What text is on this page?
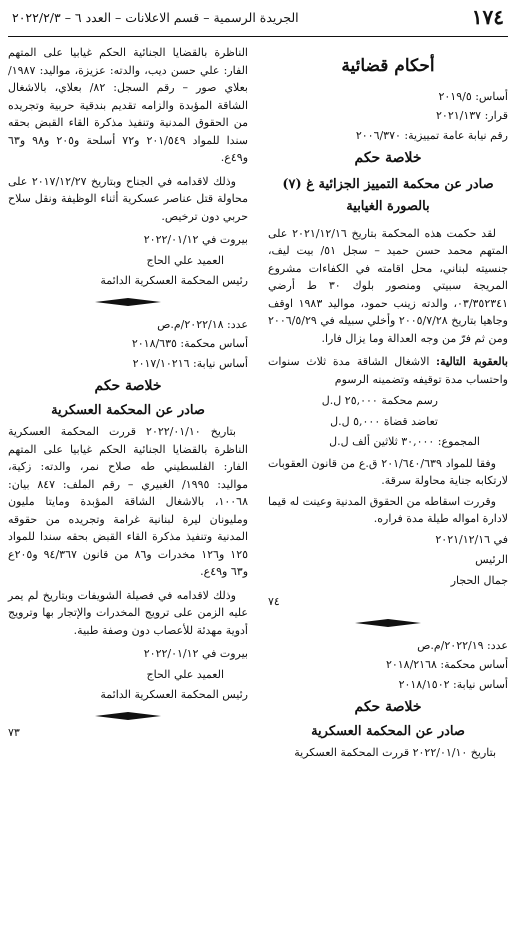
١٧٤
الجريدة الرسمية – قسم الاعلانات – العدد ٦ – ٢٠٢٢/٢/٣
أحكام قضائية

أساس: ٢٠١٩/٥

قرار: ٢٠٢١/١٣٧

رقم نيابة عامة تمييزية: ٢٠٠٦/٣٧٠

خلاصة حكم
صادر عن محكمة التمييز الجزائية غ (٧) بالصورة الغيابية

لقد حكمت هذه المحكمة بتاريخ ٢٠٢١/١٢/١٦ على المتهم محمد حسن حميد – سجل ٥١/ بيت ليف، جنسيته لبناني، محل اقامته في الكفاءات مشروع المريجة سبيتي ومنصور بلوك ٣٠ ط أرضي ٠٣/٣٥٢٣٤١، والدته زينب حمود، مواليد ١٩٨٣ اوقف وجاهيا بتاريخ ٢٠٠٥/٧/٢٨ وأخلي سبيله في ٢٠٠٦/٥/٢٩ ومن ثم فرّ من وجه العدالة وما يزال فارا.

بالعقوبة التالية: الاشغال الشاقة مدة ثلاث سنوات واحتساب مدة توقيفه وتضمينه الرسوم

رسم محكمة ٢٥,٠٠٠ ل.ل
تعاضد قضاة ٥,٠٠٠ ل.ل
المجموع: ٣٠,٠٠٠ ثلاثين ألف ل.ل

وفقا للمواد ٢٠١/٦٤٠/٦٣٩ ق.ع من قانون العقوبات لارتكابه جناية محاولة سرقة.

وقررت اسقاطه من الحقوق المدنية وعينت له قيما لادارة امواله طيلة مدة فراره.

في ٢٠٢١/١٢/١٦

الرئيس

جمال الحجار

٧٤

عدد: ٢٠٢٢/١٩/م.ص

أساس محكمة: ٢٠١٨/٢١٦٨

أساس نيابة: ٢٠١٨/١٥٠٢

خلاصة حكم
صادر عن المحكمة العسكرية

بتاريخ ٢٠٢٢/٠١/١٠ قررت المحكمة العسكرية

الناظرة بالقضايا الجنائية الحكم غيابيا على المتهم الفار: علي حسن ديب، والدته: عزيزة، مواليد: ١٩٨٧/ بعلاي صور – رقم السجل: ٨٢/ بعلاي، بالاشغال الشاقة المؤبدة والزامه تقديم بندقية حربية وتجريده من الحقوق المدنية وتنفيذ مذكرة القاء القبض بحقه سندا للمواد ٢٠١/٥٤٩ و٧٢ أسلحة و٢٠٥ و٩٨ و٦٣ و٤٩ع.

وذلك لاقدامه في الجناح وبتاريخ ٢٠١٧/١٢/٢٧ على محاولة قتل عناصر عسكرية أثناء الوظيفة ونقل سلاح حربي دون ترخيص.

بيروت في ٢٠٢٢/٠١/١٢

العميد علي الحاج

رئيس المحكمة العسكرية الدائمة

عدد: ٢٠٢٢/١٨/م.ص

أساس محكمة: ٢٠١٨/٦٣٥

أساس نيابة: ٢٠١٧/١٠٢١٦

خلاصة حكم
صادر عن المحكمة العسكرية

بتاريخ ٢٠٢٢/٠١/١٠ قررت المحكمة العسكرية الناظرة بالقضايا الجنائية الحكم غيابيا على المتهم الفار: الفلسطيني طه صلاح نمر، والدته: زكية، مواليد: ١٩٩٥/ الغبيري – رقم الملف: ٨٤٧ بيان: ١٠٠٦٨، بالاشغال الشاقة المؤبدة ومايتا مليون ومليونان ليرة لبنانية غرامة وتجريده من حقوقه المدنية وتنفيذ مذكرة القاء القبض بحقه سندا للمواد ١٢٥ و١٢٦ مخدرات و٨٦ من قانون ٩٤/٣٦٧ و٢٠٥ع و٦٣ و٤٩ع.

وذلك لاقدامه في فصيلة الشويفات وبتاريخ لم يمر عليه الزمن على ترويج المخدرات والإتجار بها وترويج أدوية مهدئة للأعصاب دون وصفة طبية.

بيروت في ٢٠٢٢/٠١/١٢

العميد علي الحاج

رئيس المحكمة العسكرية الدائمة

٧٣
